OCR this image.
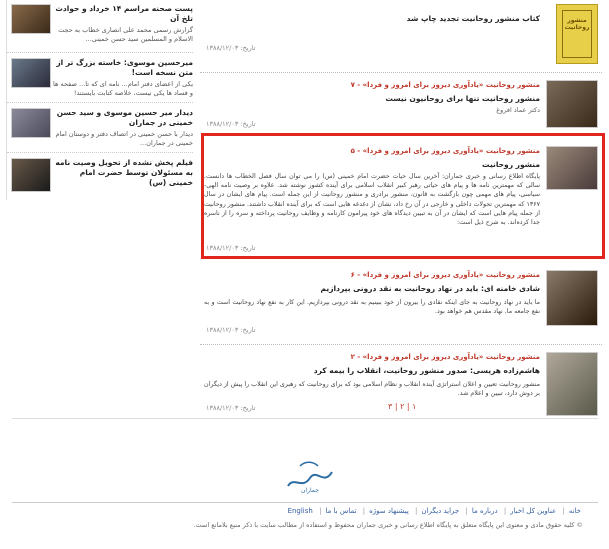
پست صحنه مراسم ۱۴ خرداد و حوادث تلخ آن
گزارش رسمی محمد علی انصاری خطاب به حجت الاسلام و المسلمین سید حسن خمینی...
میرحسین موسوی: خاسته بزرگ تر از متن نسخه است!
یکی از اعضای دفتر امام... نامه ای که تا... صفحه ها و فساد ها یکی نیست، خلاصه کتابت بایستند!
دیدار میر حسین موسوی و سید حسن خمینی در جماران
دیدار با حسن خمینی در اتصاف دفتر و دوستان امام خمینی در جماران...
فیلم پخش نشده از تحویل وصیت نامه به مسئولان توسط حضرت امام خمینی (س)
منشور روحانیت
کتاب منشور روحانیت تجدید چاپ شد
تاریخ: ۱۳۸۸/۱۲/۰۳
منشور روحانیت «یادآوری دیروز برای امروز و فردا» - ۷
منشور روحانیت تنها برای روحانیون نیست
دکتر عماد افروغ
تاریخ: ۱۳۸۸/۱۲/۰۳
منشور روحانیت «یادآوری دیروز برای امروز و فردا» - ۵
منشور روحانیت
پایگاه اطلاع رسانی و خبری جماران: آخرین سال حیات حضرت امام خمینی (س) را می توان سال فصل الخطاب ها دانست. سالی که مهمترین نامه ها و پیام های حیاتی رهبر کبیر انقلاب اسلامی برای آینده کشور نوشته شد. علاوه بر وصیت نامه الهی-سیاسی، پیام های مهمی چون بازگشت به قانون، منشور برادری و منشور روحانیت از این جمله است. پیام های ایشان در سال ۱۳۶۷ که مهمترین تحولات داخلی و خارجی در آن رخ داد، نشان از دغدغه هایی است که برای آینده انقلاب داشتند. منشور روحانیت از جمله پیام هایی است که ایشان در آن به تبیین دیدگاه های خود پیرامون کارنامه و وظایف روحانیت پرداخته و سره را از ناسره جدا کرده‌اند. به شرح ذیل است:
تاریخ: ۱۳۸۸/۱۲/۰۳
منشور روحانیت «یادآوری دیروز برای امروز و فردا» - ۶
شادی خامنه ای: باید در نهاد روحانیت به نقد درونی بپردازیم
ما باید در نهاد روحانیت به جای اینکه نقادی را بیرون از خود ببینیم به نقد درونی بپردازیم. این کار به نفع نهاد روحانیت است و به نفع جامعه ما. نهاد مقدس هم خواهد بود.
تاریخ: ۱۳۸۸/۱۲/۰۳
منشور روحانیت «یادآوری دیروز برای امروز و فردا» - ۲
هاشم‌زاده هریسی: صدور منشور روحانیت، انقلاب را بیمه کرد
منشور روحانیت تعیین و اعلان استراتژی آینده انقلاب و نظام اسلامی بود که برای روحانیت که رهبری این انقلاب را پیش از دیگران بر دوش دارد، تبیین و اعلام شد.
تاریخ: ۱۳۸۸/۱۲/۰۳	۳ | ۲ | ۱
جماران
خانه| عناوین کل اخبار| درباره ما| جراید دیگران| پیشنهاد سوژه| تماس با ما| English
© کلیه حقوق مادی و معنوی این پایگاه متعلق به پایگاه اطلاع رسانی و خبری جماران محفوظ و استفاده از مطالب سایت با ذکر منبع بلامانع است.
